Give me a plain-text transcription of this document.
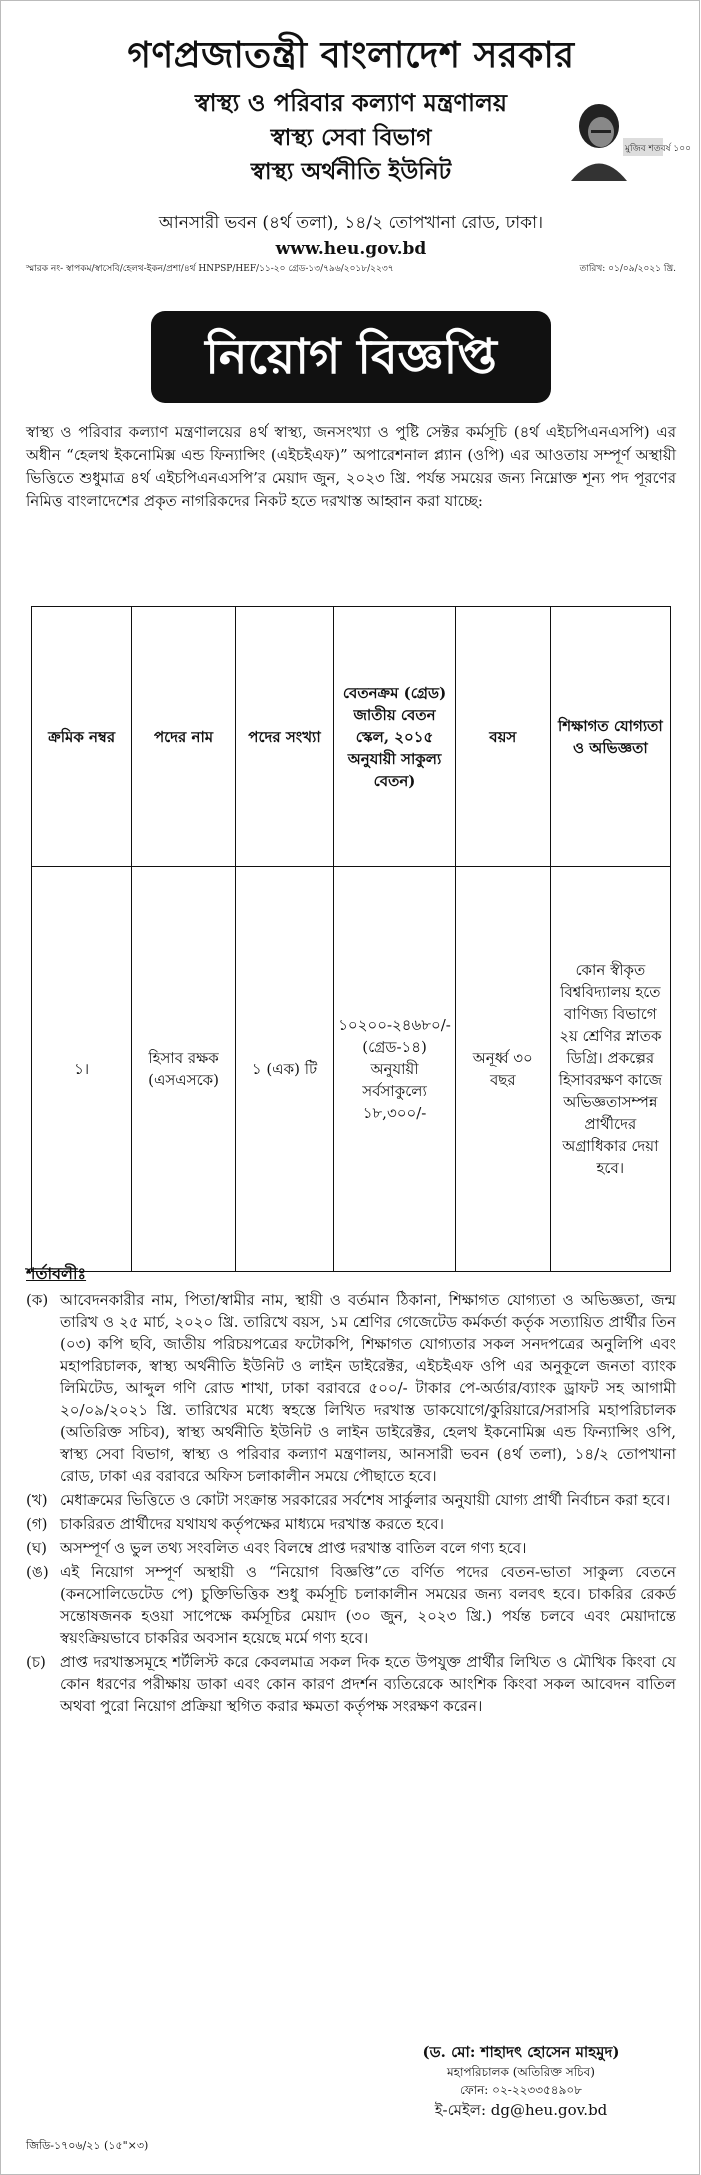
গণপ্রজাতন্ত্রী বাংলাদেশ সরকার
স্বাস্থ্য ও পরিবার কল্যাণ মন্ত্রণালয়
স্বাস্থ্য সেবা বিভাগ
স্বাস্থ্য অর্থনীতি ইউনিট
আনসারী ভবন (৪র্থ তলা), ১৪/২ তোপখানা রোড, ঢাকা।
www.heu.gov.bd
মুজিব শতবর্ষ ১০০
স্মারক নং- স্বাপকম/স্বাসেবি/হেলথ-ইকন/প্রশা/৪র্থ HNPSP/HEF/১১-২০ গ্রেড-১৩/৭৯৬/২০১৮/২২৩৭	তারিখ: ০১/০৯/২০২১ খ্রি.
নিয়োগ বিজ্ঞপ্তি
স্বাস্থ্য ও পরিবার কল্যাণ মন্ত্রণালয়ের ৪র্থ স্বাস্থ্য, জনসংখ্যা ও পুষ্টি সেক্টর কর্মসূচি (৪র্থ এইচপিএনএসপি) এর অধীন “হেলথ ইকনোমিক্স এন্ড ফিন্যান্সিং (এইচইএফ)” অপারেশনাল প্ল্যান (ওপি) এর আওতায় সম্পূর্ণ অস্থায়ী ভিত্তিতে শুধুমাত্র ৪র্থ এইচপিএনএসপি’র মেয়াদ জুন, ২০২৩ খ্রি. পর্যন্ত সময়ের জন্য নিম্নোক্ত শূন্য পদ পূরণের নিমিত্ত বাংলাদেশের প্রকৃত নাগরিকদের নিকট হতে দরখাস্ত আহ্বান করা যাচ্ছে:
ক্রমিক নম্বর	পদের নাম	পদের সংখ্যা	বেতনক্রম (গ্রেড) জাতীয় বেতন স্কেল, ২০১৫ অনুযায়ী সাকুল্য বেতন)	বয়স	শিক্ষাগত যোগ্যতা ও অভিজ্ঞতা
১।	হিসাব রক্ষক (এসএসকে)	১ (এক) টি	১০২০০-২৪৬৮০/- (গ্রেড-১৪) অনুযায়ী সর্বসাকুল্যে ১৮,৩০০/-	অনূর্ধ্ব ৩০ বছর	কোন স্বীকৃত বিশ্ববিদ্যালয় হতে বাণিজ্য বিভাগে ২য় শ্রেণির স্নাতক ডিগ্রি। প্রকল্পের হিসাবরক্ষণ কাজে অভিজ্ঞতাসম্পন্ন প্রার্থীদের অগ্রাধিকার দেয়া হবে।
শর্তাবলীঃ
(ক) আবেদনকারীর নাম, পিতা/স্বামীর নাম, স্থায়ী ও বর্তমান ঠিকানা, শিক্ষাগত যোগ্যতা ও অভিজ্ঞতা, জন্ম তারিখ ও ২৫ মার্চ, ২০২০ খ্রি. তারিখে বয়স, ১ম শ্রেণির গেজেটেড কর্মকর্তা কর্তৃক সত্যায়িত প্রার্থীর তিন (০৩) কপি ছবি, জাতীয় পরিচয়পত্রের ফটোকপি, শিক্ষাগত যোগ্যতার সকল সনদপত্রের অনুলিপি এবং মহাপরিচালক, স্বাস্থ্য অর্থনীতি ইউনিট ও লাইন ডাইরেক্টর, এইচইএফ ওপি এর অনুকূলে জনতা ব্যাংক লিমিটেড, আব্দুল গণি রোড শাখা, ঢাকা বরাবরে ৫০০/- টাকার পে-অর্ডার/ব্যাংক ড্রাফট সহ আগামী ২০/০৯/২০২১ খ্রি. তারিখের মধ্যে স্বহস্তে লিখিত দরখাস্ত ডাকযোগে/কুরিয়ারে/সরাসরি মহাপরিচালক (অতিরিক্ত সচিব), স্বাস্থ্য অর্থনীতি ইউনিট ও লাইন ডাইরেক্টর, হেলথ ইকনোমিক্স এন্ড ফিন্যান্সিং ওপি, স্বাস্থ্য সেবা বিভাগ, স্বাস্থ্য ও পরিবার কল্যাণ মন্ত্রণালয়, আনসারী ভবন (৪র্থ তলা), ১৪/২ তোপখানা রোড, ঢাকা এর বরাবরে অফিস চলাকালীন সময়ে পৌছাতে হবে।
(খ) মেধাক্রমের ভিত্তিতে ও কোটা সংক্রান্ত সরকারের সর্বশেষ সার্কুলার অনুযায়ী যোগ্য প্রার্থী নির্বাচন করা হবে।
(গ) চাকরিরত প্রার্থীদের যথাযথ কর্তৃপক্ষের মাধ্যমে দরখাস্ত করতে হবে।
(ঘ) অসম্পূর্ণ ও ভুল তথ্য সংবলিত এবং বিলম্বে প্রাপ্ত দরখাস্ত বাতিল বলে গণ্য হবে।
(ঙ) এই নিয়োগ সম্পূর্ণ অস্থায়ী ও “নিয়োগ বিজ্ঞপ্তি”তে বর্ণিত পদের বেতন-ভাতা সাকুল্য বেতনে (কনসোলিডেটেড পে) চুক্তিভিত্তিক শুধু কর্মসূচি চলাকালীন সময়ের জন্য বলবৎ হবে। চাকরির রেকর্ড সন্তোষজনক হওয়া সাপেক্ষে কর্মসূচির মেয়াদ (৩০ জুন, ২০২৩ খ্রি.) পর্যন্ত চলবে এবং মেয়াদান্তে স্বয়ংক্রিয়ভাবে চাকরির অবসান হয়েছে মর্মে গণ্য হবে।
(চ) প্রাপ্ত দরখাস্তসমূহে শর্টলিস্ট করে কেবলমাত্র সকল দিক হতে উপযুক্ত প্রার্থীর লিখিত ও মৌখিক কিংবা যে কোন ধরণের পরীক্ষায় ডাকা এবং কোন কারণ প্রদর্শন ব্যতিরেকে আংশিক কিংবা সকল আবেদন বাতিল অথবা পুরো নিয়োগ প্রক্রিয়া স্থগিত করার ক্ষমতা কর্তৃপক্ষ সংরক্ষণ করেন।
(ড. মো: শাহাদৎ হোসেন মাহমুদ)
মহাপরিচালক (অতিরিক্ত সচিব)
ফোন: ০২-২২৩৩৫৪৯০৮
ই-মেইল: dg@heu.gov.bd
জিডি-১৭০৬/২১ (১৫"×৩)
